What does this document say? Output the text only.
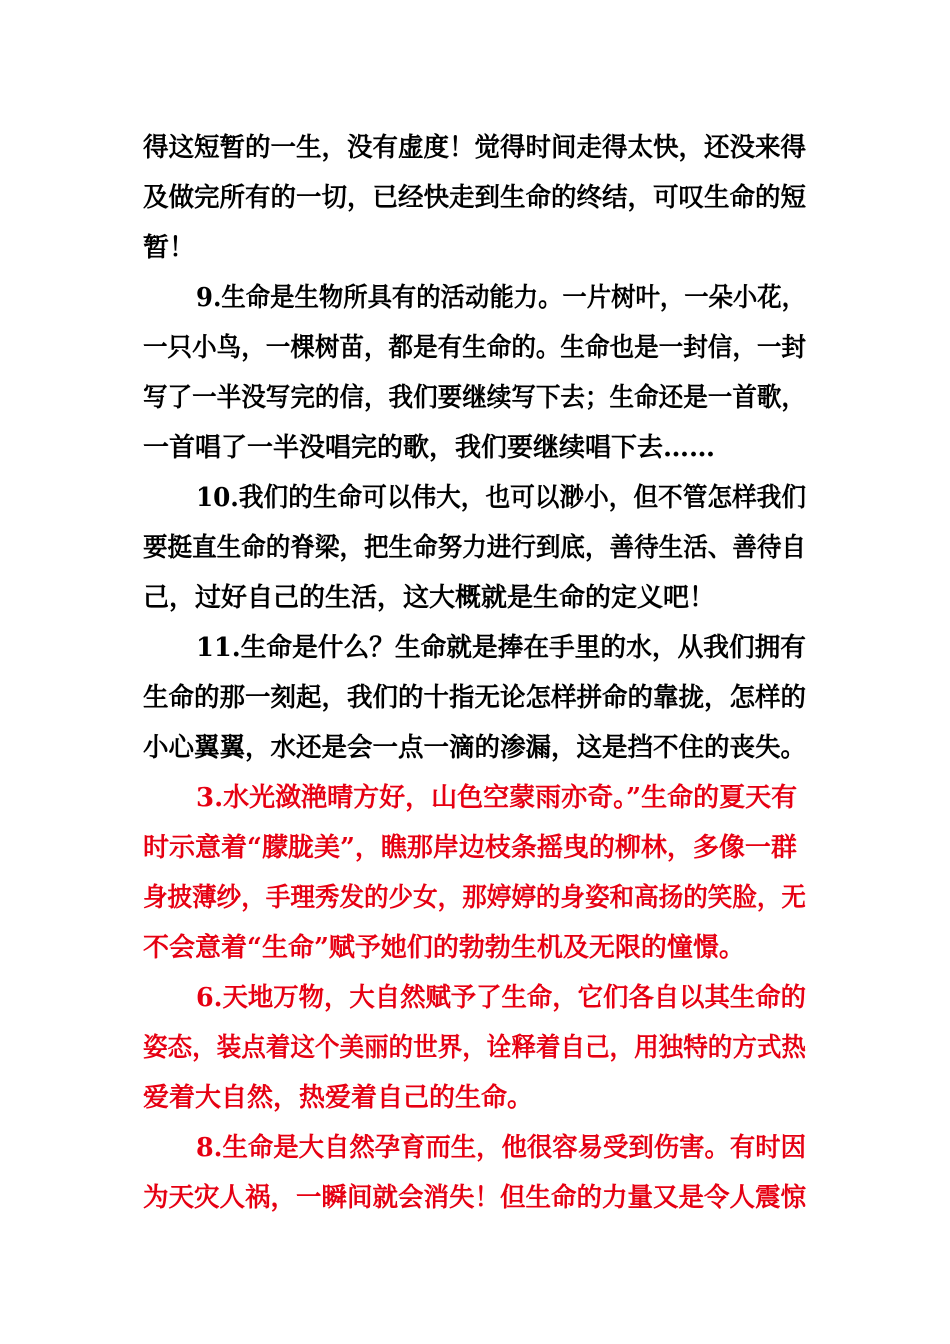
得这短暂的一生，没有虚度！觉得时间走得太快，还没来得
及做完所有的一切，已经快走到生命的终结，可叹生命的短
暂！
9.生命是生物所具有的活动能力。一片树叶，一朵小花，
一只小鸟，一棵树苗，都是有生命的。生命也是一封信，一封
写了一半没写完的信，我们要继续写下去；生命还是一首歌，
一首唱了一半没唱完的歌，我们要继续唱下去……
10.我们的生命可以伟大，也可以渺小，但不管怎样我们
要挺直生命的脊梁，把生命努力进行到底，善待生活、善待自
己，过好自己的生活，这大概就是生命的定义吧！
11.生命是什么？生命就是捧在手里的水，从我们拥有
生命的那一刻起，我们的十指无论怎样拼命的靠拢，怎样的
小心翼翼，水还是会一点一滴的渗漏，这是挡不住的丧失。
3.水光潋滟晴方好，山色空蒙雨亦奇。”生命的夏天有
时示意着“朦胧美”，瞧那岸边枝条摇曳的柳林，多像一群
身披薄纱，手理秀发的少女，那婷婷的身姿和高扬的笑脸，无
不会意着“生命”赋予她们的勃勃生机及无限的憧憬。
6.天地万物，大自然赋予了生命，它们各自以其生命的
姿态，装点着这个美丽的世界，诠释着自己，用独特的方式热
爱着大自然，热爱着自己的生命。
8.生命是大自然孕育而生，他很容易受到伤害。有时因
为天灾人祸，一瞬间就会消失！但生命的力量又是令人震惊
